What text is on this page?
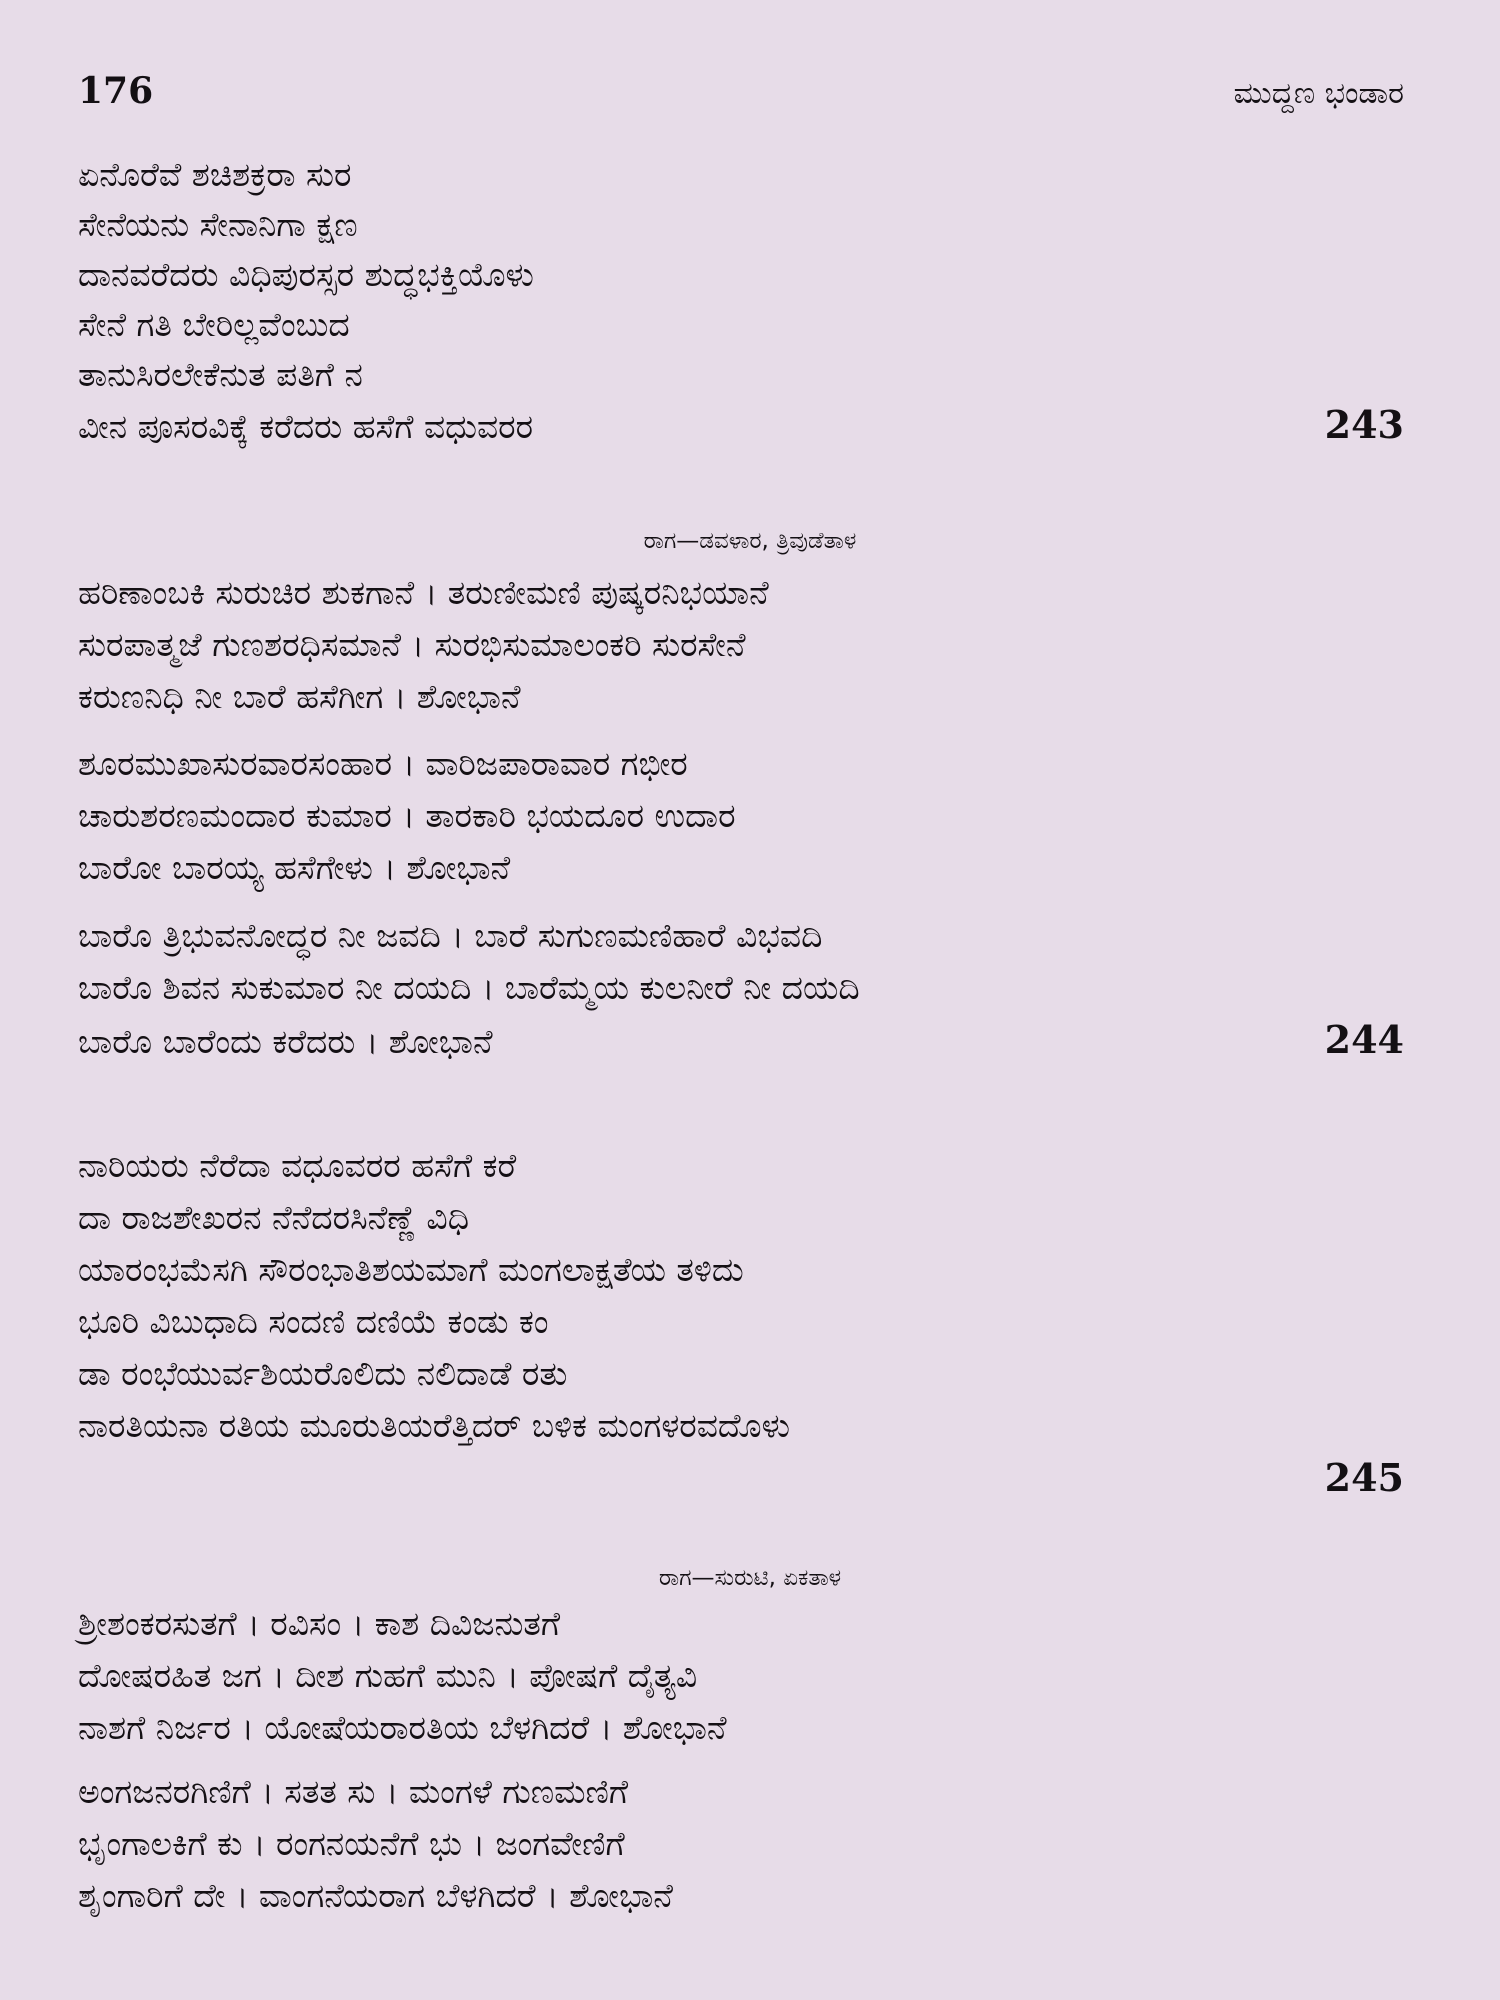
176	ಮುದ್ದಣ ಭಂಡಾರ
ಏನೊರೆವೆ ಶಚಿಶಕ್ರರಾ ಸುರ
ಸೇನೆಯನು ಸೇನಾನಿಗಾ ಕ್ಷಣ
ದಾನವರೆದರು ವಿಧಿಪುರಸ್ಸರ ಶುದ್ಧಭಕ್ತಿಯೊಳು
ಸೇನೆ ಗತಿ ಬೇರಿಲ್ಲವೆಂಬುದ
ತಾನುಸಿರಲೇಕೆನುತ ಪತಿಗೆ ನ
ವೀನ ಪೂಸರವಿಕ್ಕೆ ಕರೆದರು ಹಸೆಗೆ ವಧುವರರ	243
ರಾಗ—ಡವಳಾರ, ತ್ರಿವುಡೆತಾಳ
ಹರಿಣಾಂಬಕಿ ಸುರುಚಿರ ಶುಕಗಾನೆ । ತರುಣೀಮಣಿ ಪುಷ್ಕರನಿಭಯಾನೆ
ಸುರಪಾತ್ಮಜೆ ಗುಣಶರಧಿಸಮಾನೆ । ಸುರಭಿಸುಮಾಲಂಕರಿ ಸುರಸೇನೆ
ಕರುಣನಿಧಿ ನೀ ಬಾರೆ ಹಸೆಗೀಗ । ಶೋಭಾನೆ
ಶೂರಮುಖಾಸುರವಾರಸಂಹಾರ । ವಾರಿಜಪಾರಾವಾರ ಗಭೀರ
ಚಾರುಶರಣಮಂದಾರ ಕುಮಾರ । ತಾರಕಾರಿ ಭಯದೂರ ಉದಾರ
ಬಾರೋ ಬಾರಯ್ಯ ಹಸೆಗೇಳು । ಶೋಭಾನೆ
ಬಾರೊ ತ್ರಿಭುವನೋದ್ಧರ ನೀ ಜವದಿ । ಬಾರೆ ಸುಗುಣಮಣಿಹಾರೆ ವಿಭವದಿ
ಬಾರೊ ಶಿವನ ಸುಕುಮಾರ ನೀ ದಯದಿ । ಬಾರೆಮ್ಮಯ ಕುಲನೀರೆ ನೀ ದಯದಿ
ಬಾರೊ ಬಾರೆಂದು ಕರೆದರು । ಶೋಭಾನೆ	244
ನಾರಿಯರು ನೆರೆದಾ ವಧೂವರರ ಹಸೆಗೆ ಕರೆ
ದಾ ರಾಜಶೇಖರನ ನೆನೆದರಸಿನೆಣ್ಣೆ ವಿಧಿ
ಯಾರಂಭಮೆಸಗಿ ಸೌರಂಭಾತಿಶಯಮಾಗೆ ಮಂಗಲಾಕ್ಷತೆಯ ತಳಿದು
ಭೂರಿ ವಿಬುಧಾದಿ ಸಂದಣಿ ದಣಿಯೆ ಕಂಡು ಕಂ
ಡಾ ರಂಭೆಯುರ್ವಶಿಯರೊಲಿದು ನಲಿದಾಡೆ ರತು
ನಾರತಿಯನಾ ರತಿಯ ಮೂರುತಿಯರೆತ್ತಿದರ್ ಬಳಿಕ ಮಂಗಳರವದೊಳು
245
ರಾಗ—ಸುರುಟಿ, ಏಕತಾಳ
ಶ್ರೀಶಂಕರಸುತಗೆ । ರವಿಸಂ । ಕಾಶ ದಿವಿಜನುತಗೆ
ದೋಷರಹಿತ ಜಗ । ದೀಶ ಗುಹಗೆ ಮುನಿ । ಪೋಷಗೆ ದೈತ್ಯವಿ
ನಾಶಗೆ ನಿರ್ಜರ । ಯೋಷೆಯರಾರತಿಯ ಬೆಳಗಿದರೆ । ಶೋಭಾನೆ
ಅಂಗಜನರಗಿಣಿಗೆ । ಸತತ ಸು । ಮಂಗಳೆ ಗುಣಮಣಿಗೆ
ಭೃಂಗಾಲಕಿಗೆ ಕು । ರಂಗನಯನೆಗೆ ಭು । ಜಂಗವೇಣಿಗೆ
ಶೃಂಗಾರಿಗೆ ದೇ । ವಾಂಗನೆಯರಾಗ ಬೆಳಗಿದರೆ । ಶೋಭಾನೆ
